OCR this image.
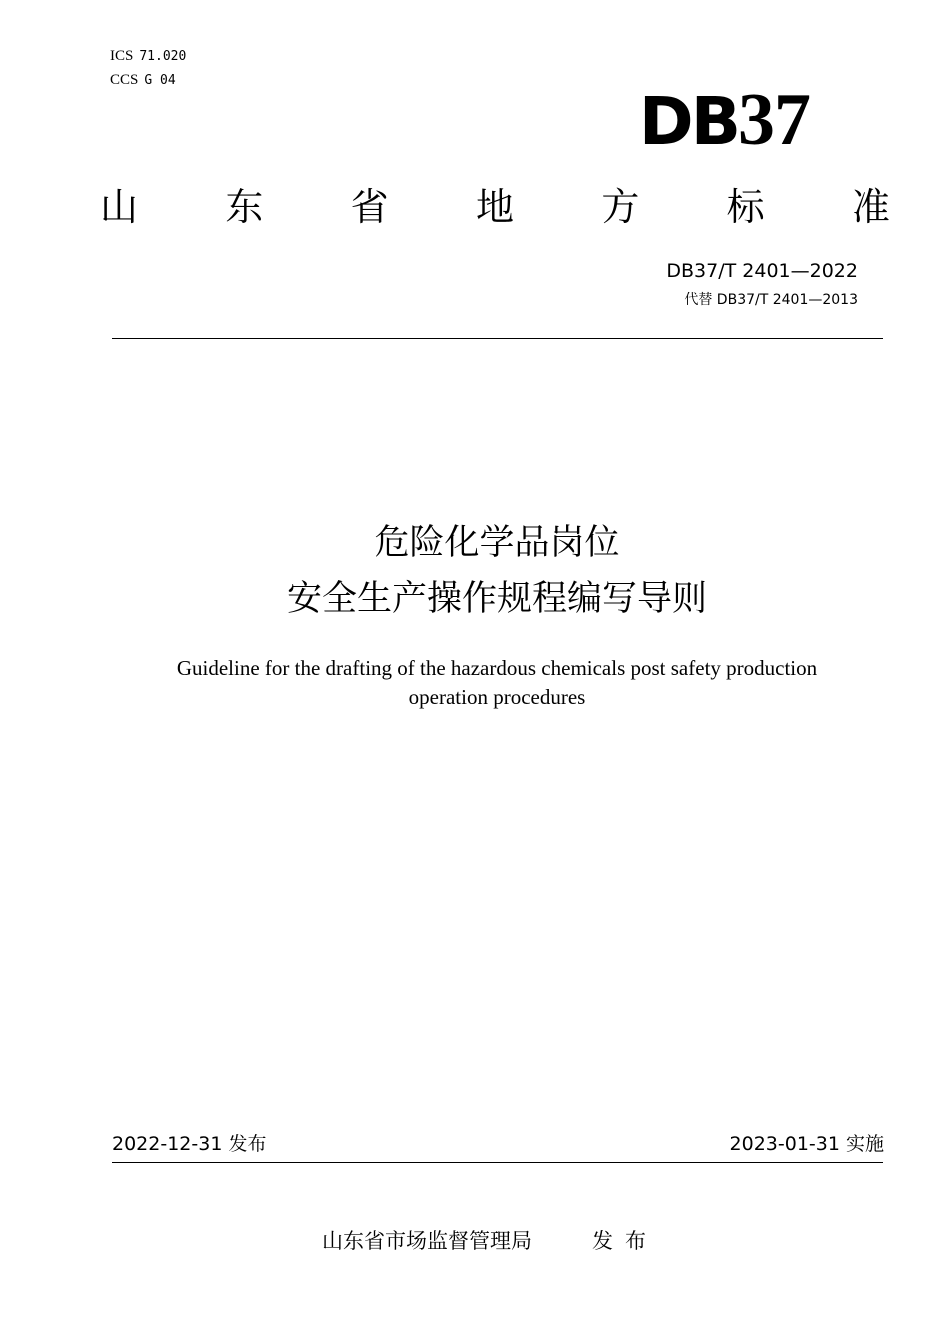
ICS 71.020
CCS G 04
DB37
山 东 省 地 方 标 准
DB37/T 2401—2022
代替 DB37/T 2401—2013
危险化学品岗位
安全生产操作规程编写导则
Guideline for the drafting of the hazardous chemicals post safety production
operation procedures
2022-12-31 发布	2023-01-31 实施
山东省市场监督管理局	发布
